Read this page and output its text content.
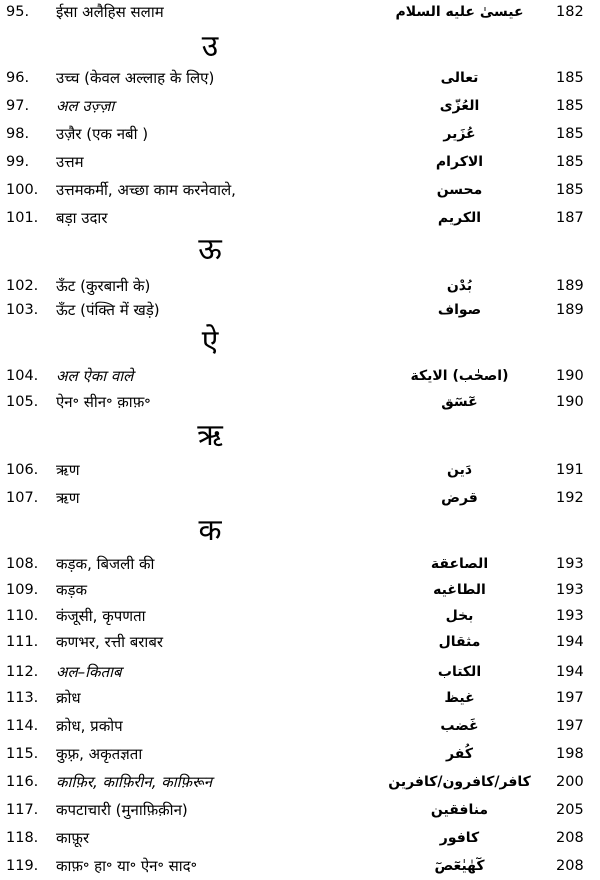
95.	ईसा अलैहिस सलाम	عيسیٰ عليه السلام	182
उ
96.	उच्च (केवल अल्लाह के लिए)	تعالى	185
97.	अल उज़्ज़ा	العُزّى	185
98.	उज़ैर (एक नबी )	عُزَير	185
99.	उत्तम	الاكرام	185
100.	उत्तमकर्मी, अच्छा काम करनेवाले,	محسن	185
101.	बड़ा उदार	الكريم	187
ऊ
102.	ऊँट (कुरबानी के)	بُدْن	189
103.	ऊँट (पंक्ति में खड़े)	صواف	189
ऐ
104.	अल ऐका वाले	(اصحٰب) الايكة	190
105.	ऐन॰ सीन॰ क़ाफ़॰	عٓسٓق	190
ऋ
106.	ऋण	دَين	191
107.	ऋण	قرض	192
क
108.	कड़क, बिजली की	الصاعقة	193
109.	कड़क	الطاغيه	193
110.	कंजूसी, कृपणता	بخل	193
111.	कणभर, रत्ती बराबर	مثقال	194
112.	अल–किताब	الكتاب	194
113.	क्रोध	غيظ	197
114.	क्रोध, प्रकोप	غَضب	197
115.	कुफ़्र, अकृतज्ञता	كُفر	198
116.	काफ़िर, काफ़िरीन, काफ़िरून	كافر/كافرون/كافرين	200
117.	कपटाचारी (मुनाफ़िक़ीन)	منافقين	205
118.	काफ़ूर	كافور	208
119.	काफ़॰ हा॰ या॰ ऐन॰ साद॰	كٓهٰيٰعٓصٓ	208
